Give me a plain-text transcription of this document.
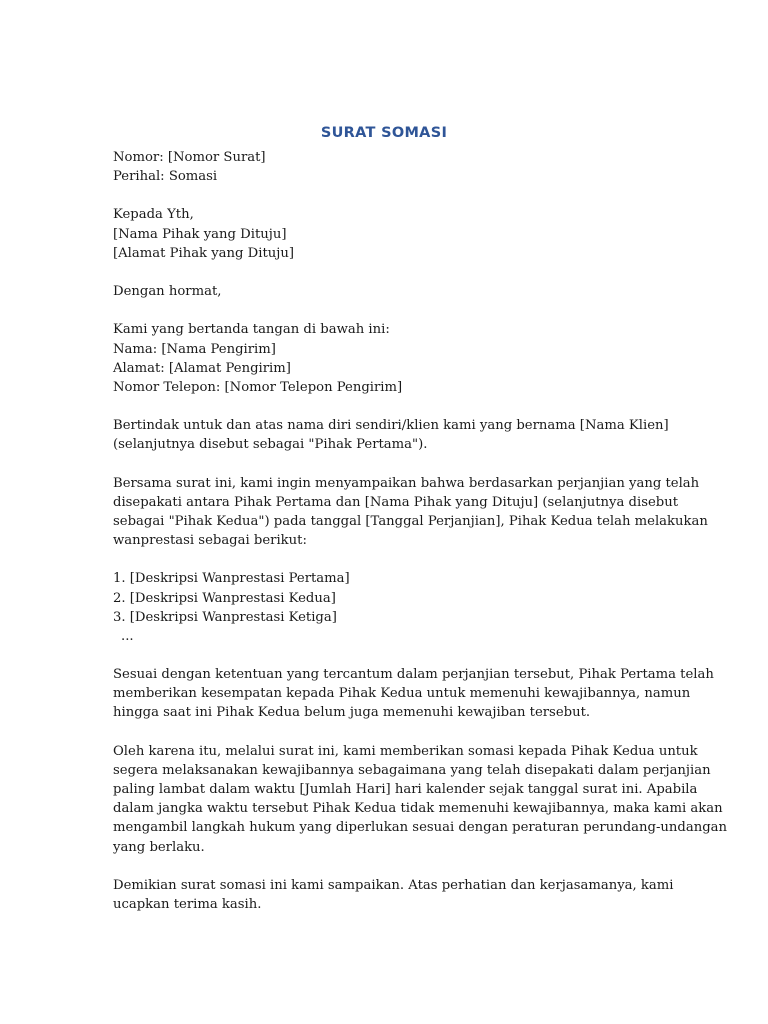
SURAT SOMASI
Nomor: [Nomor Surat]
Perihal: Somasi
Kepada Yth,
[Nama Pihak yang Dituju]
[Alamat Pihak yang Dituju]
Dengan hormat,
Kami yang bertanda tangan di bawah ini:
Nama: [Nama Pengirim]
Alamat: [Alamat Pengirim]
Nomor Telepon: [Nomor Telepon Pengirim]
Bertindak untuk dan atas nama diri sendiri/klien kami yang bernama [Nama Klien]
(selanjutnya disebut sebagai "Pihak Pertama").
Bersama surat ini, kami ingin menyampaikan bahwa berdasarkan perjanjian yang telah
disepakati antara Pihak Pertama dan [Nama Pihak yang Dituju] (selanjutnya disebut
sebagai "Pihak Kedua") pada tanggal [Tanggal Perjanjian], Pihak Kedua telah melakukan
wanprestasi sebagai berikut:
1. [Deskripsi Wanprestasi Pertama]
2. [Deskripsi Wanprestasi Kedua]
3. [Deskripsi Wanprestasi Ketiga]
...
Sesuai dengan ketentuan yang tercantum dalam perjanjian tersebut, Pihak Pertama telah
memberikan kesempatan kepada Pihak Kedua untuk memenuhi kewajibannya, namun
hingga saat ini Pihak Kedua belum juga memenuhi kewajiban tersebut.
Oleh karena itu, melalui surat ini, kami memberikan somasi kepada Pihak Kedua untuk
segera melaksanakan kewajibannya sebagaimana yang telah disepakati dalam perjanjian
paling lambat dalam waktu [Jumlah Hari] hari kalender sejak tanggal surat ini. Apabila
dalam jangka waktu tersebut Pihak Kedua tidak memenuhi kewajibannya, maka kami akan
mengambil langkah hukum yang diperlukan sesuai dengan peraturan perundang-undangan
yang berlaku.
Demikian surat somasi ini kami sampaikan. Atas perhatian dan kerjasamanya, kami
ucapkan terima kasih.
